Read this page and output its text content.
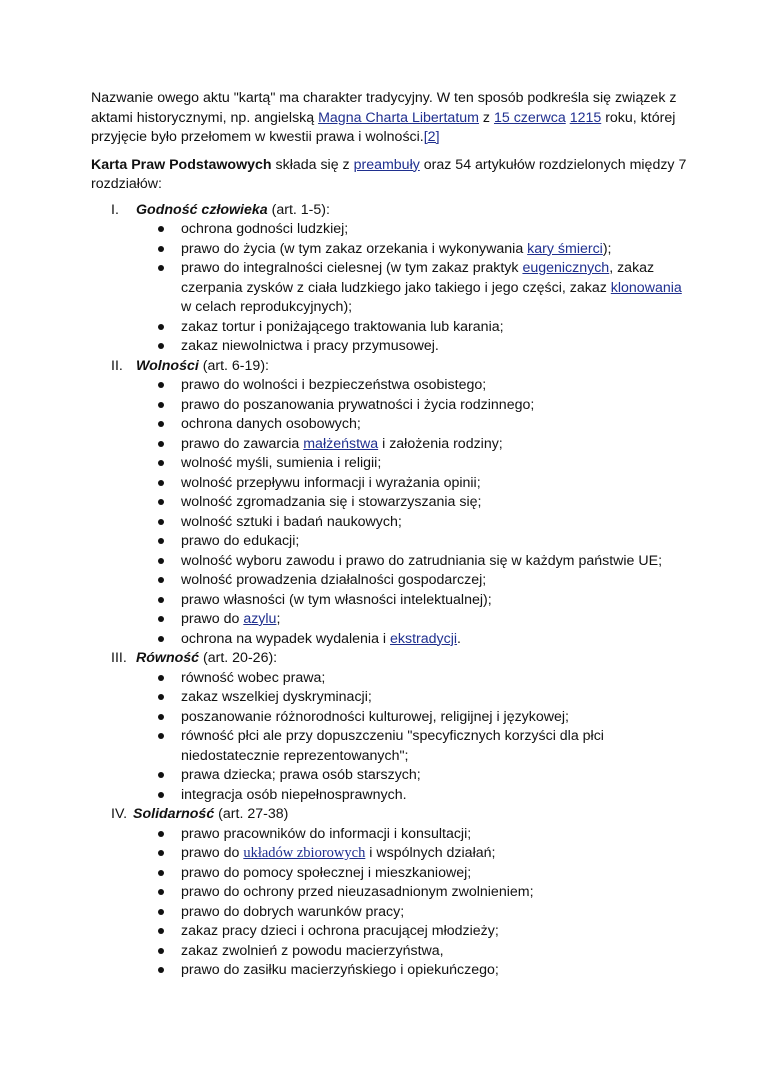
Nazwanie owego aktu "kartą" ma charakter tradycyjny. W ten sposób podkreśla się związek z aktami historycznymi, np. angielską Magna Charta Libertatum z 15 czerwca 1215 roku, której przyjęcie było przełomem w kwestii prawa i wolności.[2]

Karta Praw Podstawowych składa się z preambuły oraz 54 artykułów rozdzielonych między 7 rozdziałów:

I. Godność człowieka (art. 1-5):
ochrona godności ludzkiej;
prawo do życia (w tym zakaz orzekania i wykonywania kary śmierci);
prawo do integralności cielesnej (w tym zakaz praktyk eugenicznych, zakaz czerpania zysków z ciała ludzkiego jako takiego i jego części, zakaz klonowania w celach reprodukcyjnych);
zakaz tortur i poniżającego traktowania lub karania;
zakaz niewolnictwa i pracy przymusowej.
II. Wolności (art. 6-19):
prawo do wolności i bezpieczeństwa osobistego;
prawo do poszanowania prywatności i życia rodzinnego;
ochrona danych osobowych;
prawo do zawarcia małżeństwa i założenia rodziny;
wolność myśli, sumienia i religii;
wolność przepływu informacji i wyrażania opinii;
wolność zgromadzania się i stowarzyszania się;
wolność sztuki i badań naukowych;
prawo do edukacji;
wolność wyboru zawodu i prawo do zatrudniania się w każdym państwie UE;
wolność prowadzenia działalności gospodarczej;
prawo własności (w tym własności intelektualnej);
prawo do azylu;
ochrona na wypadek wydalenia i ekstradycji.
III. Równość (art. 20-26):
równość wobec prawa;
zakaz wszelkiej dyskryminacji;
poszanowanie różnorodności kulturowej, religijnej i językowej;
równość płci ale przy dopuszczeniu "specyficznych korzyści dla płci niedostatecznie reprezentowanych";
prawa dziecka; prawa osób starszych;
integracja osób niepełnosprawnych.
IV. Solidarność (art. 27-38)
prawo pracowników do informacji i konsultacji;
prawo do układów zbiorowych i wspólnych działań;
prawo do pomocy społecznej i mieszkaniowej;
prawo do ochrony przed nieuzasadnionym zwolnieniem;
prawo do dobrych warunków pracy;
zakaz pracy dzieci i ochrona pracującej młodzieży;
zakaz zwolnień z powodu macierzyństwa,
prawo do zasiłku macierzyńskiego i opiekuńczego;
